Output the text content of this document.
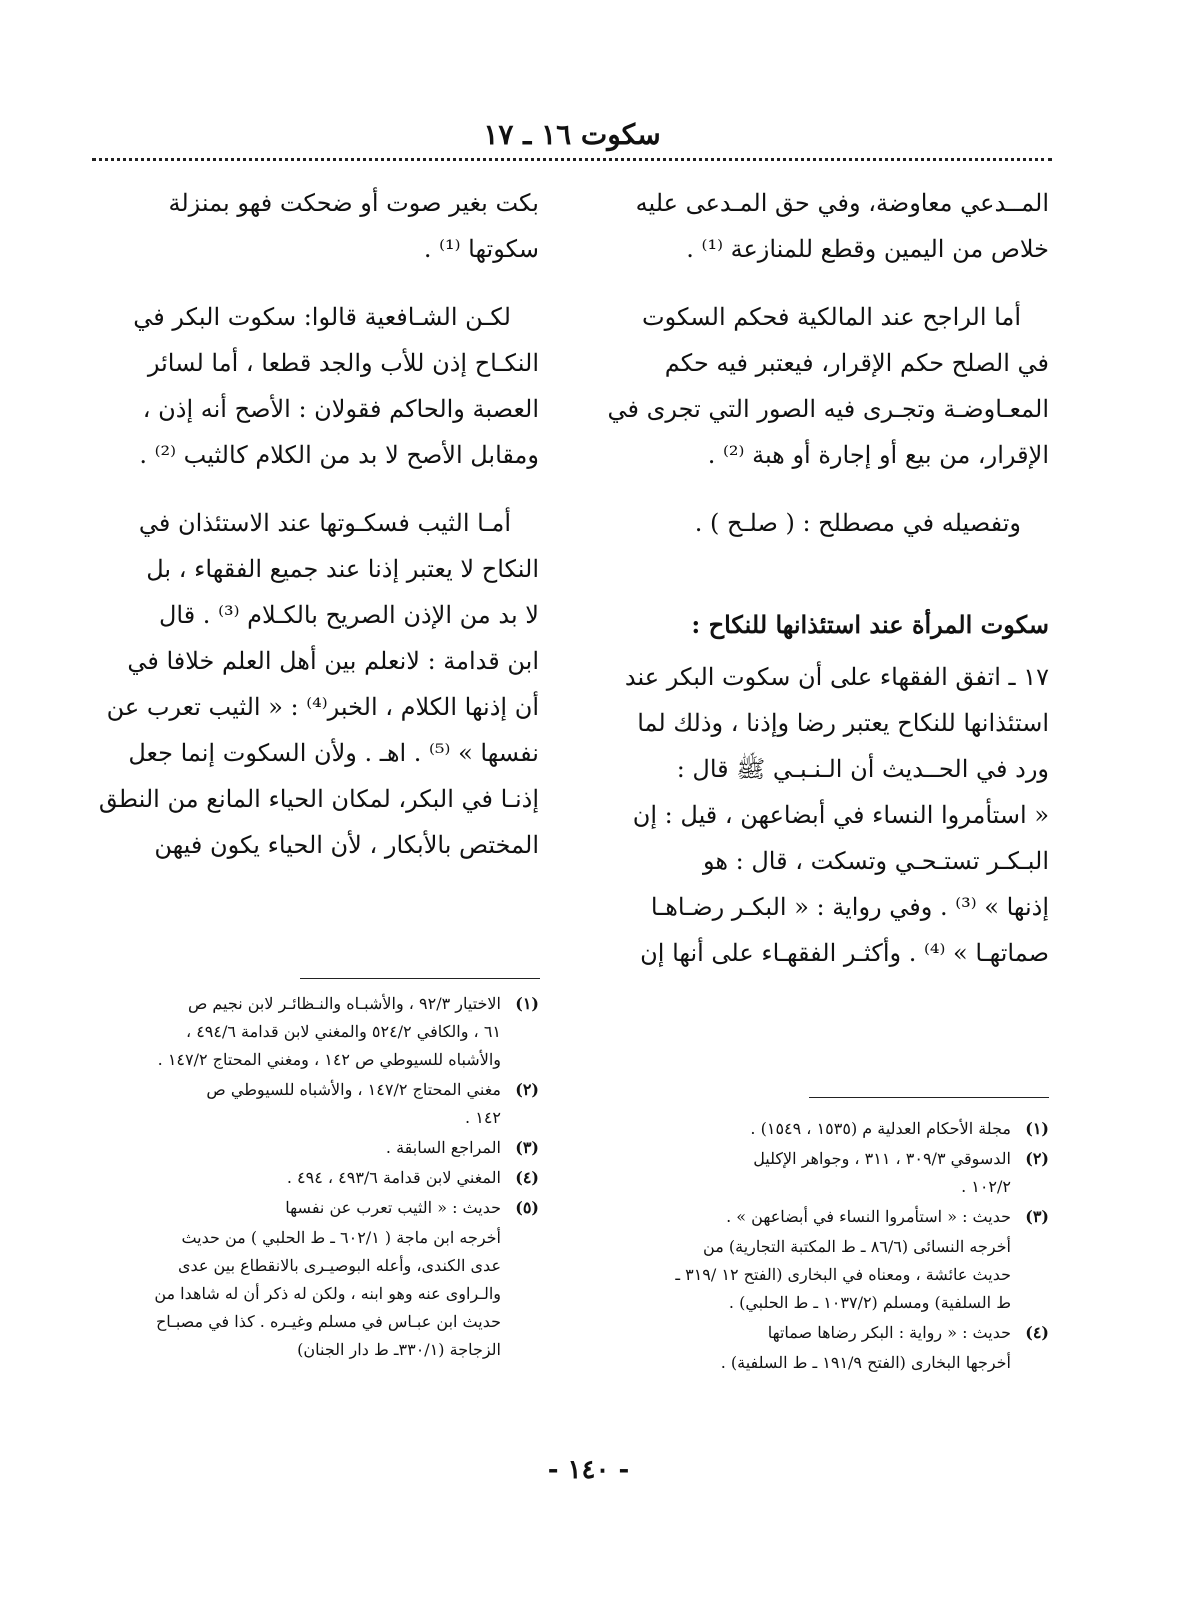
سكوت ١٦ ـ ١٧

المــدعي معاوضة، وفي حق المـدعى عليه
خلاص من اليمين وقطع للمنازعة ⁽¹⁾ .

أما الراجح عند المالكية فحكم السكوت
في الصلح حكم الإقرار، فيعتبر فيه حكم
المعـاوضـة وتجـرى فيه الصور التي تجرى في
الإقرار، من بيع أو إجارة أو هبة ⁽²⁾ .

وتفصيله في مصطلح : ( صلـح ) .

سكوت المرأة عند استئذانها للنكاح :

١٧ ـ اتفق الفقهاء على أن سكوت البكر عند
استئذانها للنكاح يعتبر رضا وإذنا ، وذلك لما
ورد في الحــديث أن الـنـبـي ﷺ قال :
« استأمروا النساء في أبضاعهن ، قيل : إن
البـكـر تستـحـي وتسكت ، قال : هو
إذنها » ⁽³⁾ . وفي رواية : « البكـر رضـاهـا
صماتهـا » ⁽⁴⁾ . وأكثـر الفقهـاء على أنها إن

بكت بغير صوت أو ضحكت فهو بمنزلة
سكوتها ⁽¹⁾ .

لكـن الشـافعية قالوا: سكوت البكر في
النكـاح إذن للأب والجد قطعا ، أما لسائر
العصبة والحاكم فقولان : الأصح أنه إذن ،
ومقابل الأصح لا بد من الكلام كالثيب ⁽²⁾ .

أمـا الثيب فسكـوتها عند الاستئذان في
النكاح لا يعتبر إذنا عند جميع الفقهاء ، بل
لا بد من الإذن الصريح بالكـلام ⁽³⁾ . قال
ابن قدامة : لانعلم بين أهل العلم خلافا في
أن إذنها الكلام ، الخبر⁽⁴⁾ : « الثيب تعرب عن
نفسها » ⁽⁵⁾ . اهـ . ولأن السكوت إنما جعل
إذنـا في البكر، لمكان الحياء المانع من النطق
المختص بالأبكار ، لأن الحياء يكون فيهن

(١)
مجلة الأحكام العدلية م (١٥٣٥ ، ١٥٤٩) .
(٢)
الدسوقي ٣٠٩/٣ ، ٣١١ ، وجواهر الإكليل
١٠٢/٢ .
(٣)
حديث : « استأمروا النساء في أبضاعهن » .
أخرجه النسائى (٨٦/٦ ـ ط المكتبة التجارية) من
حديث عائشة ، ومعناه في البخارى (الفتح ١٢ /٣١٩ ـ
ط السلفية) ومسلم (١٠٣٧/٢ ـ ط الحلبي) .
(٤)
حديث : « رواية : البكر رضاها صماتها
أخرجها البخارى (الفتح ١٩١/٩ ـ ط السلفية) .
(١)
الاختيار ٩٢/٣ ، والأشبـاه والنـظائـر لابن نجيم ص
٦١ ، والكافي ٥٢٤/٢ والمغني لابن قدامة ٤٩٤/٦ ،
والأشباه للسيوطي ص ١٤٢ ، ومغني المحتاج ١٤٧/٢ .
(٢)
مغني المحتاج ١٤٧/٢ ، والأشباه للسيوطي ص
١٤٢ .
(٣)
المراجع السابقة .
(٤)
المغني لابن قدامة ٤٩٣/٦ ، ٤٩٤ .
(٥)
حديث : « الثيب تعرب عن نفسها
أخرجه ابن ماجة ( ٦٠٢/١ ـ ط الحلبي ) من حديث
عدى الكندى، وأعله البوصيـرى بالانقطاع بين عدى
والـراوى عنه وهو ابنه ، ولكن له ذكر أن له شاهدا من
حديث ابن عبـاس في مسلم وغيـره . كذا في مصبـاح
الزجاجة (٣٣٠/١ـ ط دار الجنان)
- ١٤٠ -
